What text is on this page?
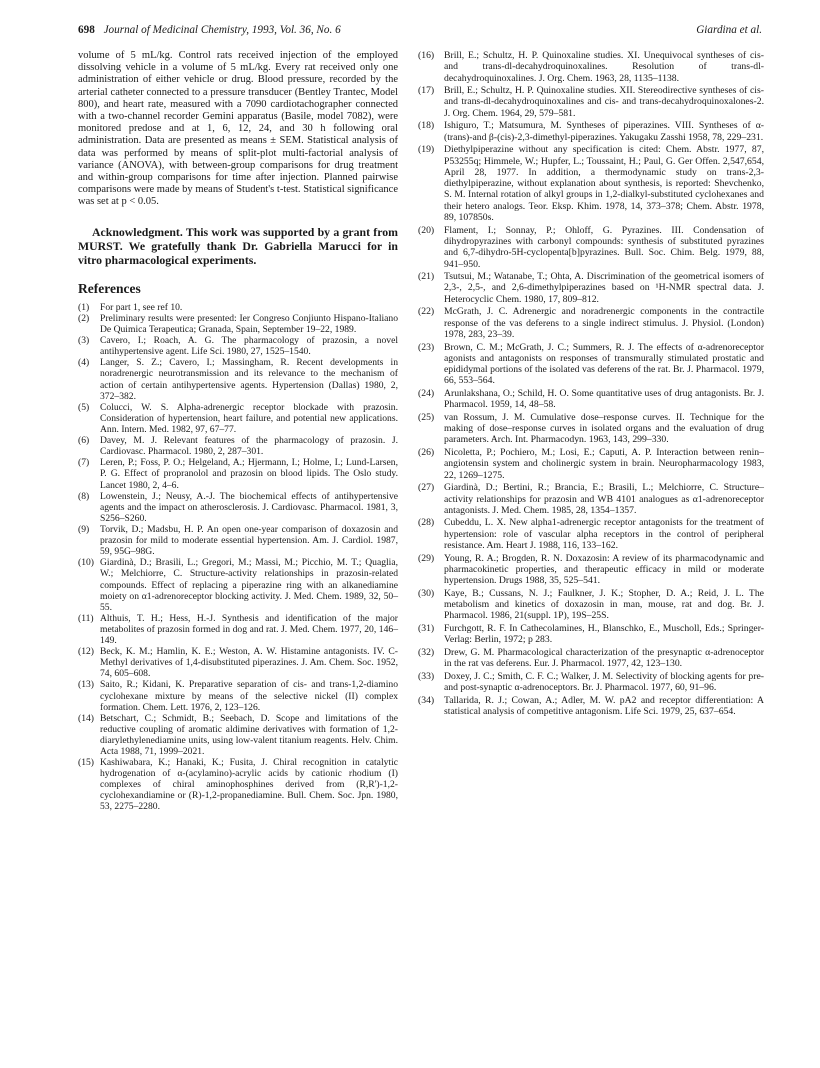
698 Journal of Medicinal Chemistry, 1993, Vol. 36, No. 6	Giardina et al.

volume of 5 mL/kg. Control rats received injection of the employed dissolving vehicle in a volume of 5 mL/kg. Every rat received only one administration of either vehicle or drug. Blood pressure, recorded by the arterial catheter connected to a pressure transducer (Bentley Trantec, Model 800), and heart rate, measured with a 7090 cardiotachographer connected with a two-channel recorder Gemini apparatus (Basile, model 7082), were monitored predose and at 1, 6, 12, 24, and 30 h following oral administration. Data are presented as means ± SEM. Statistical analysis of data was performed by means of split-plot multi-factorial analysis of variance (ANOVA), with between-group comparisons for drug treatment and within-group comparisons for time after injection. Planned pairwise comparisons were made by means of Student's t-test. Statistical significance was set at p < 0.05.

Acknowledgment. This work was supported by a grant from MURST. We gratefully thank Dr. Gabriella Marucci for in vitro pharmacological experiments.

References
(1)	For part 1, see ref 10.
(2)	Preliminary results were presented: Ier Congreso Conjiunto Hispano-Italiano De Quimica Terapeutica; Granada, Spain, September 19–22, 1989.
(3)	Cavero, I.; Roach, A. G. The pharmacology of prazosin, a novel antihypertensive agent. Life Sci. 1980, 27, 1525–1540.
(4)	Langer, S. Z.; Cavero, I.; Massingham, R. Recent developments in noradrenergic neurotransmission and its relevance to the mechanism of action of certain antihypertensive agents. Hypertension (Dallas) 1980, 2, 372–382.
(5)	Colucci, W. S. Alpha-adrenergic receptor blockade with prazosin. Consideration of hypertension, heart failure, and potential new applications. Ann. Intern. Med. 1982, 97, 67–77.
(6)	Davey, M. J. Relevant features of the pharmacology of prazosin. J. Cardiovasc. Pharmacol. 1980, 2, 287–301.
(7)	Leren, P.; Foss, P. O.; Helgeland, A.; Hjermann, I.; Holme, I.; Lund-Larsen, P. G. Effect of propranolol and prazosin on blood lipids. The Oslo study. Lancet 1980, 2, 4–6.
(8)	Lowenstein, J.; Neusy, A.-J. The biochemical effects of antihypertensive agents and the impact on atherosclerosis. J. Cardiovasc. Pharmacol. 1981, 3, S256–S260.
(9)	Torvik, D.; Madsbu, H. P. An open one-year comparison of doxazosin and prazosin for mild to moderate essential hypertension. Am. J. Cardiol. 1987, 59, 95G–98G.
(10) Giardinà, D.; Brasili, L.; Gregori, M.; Massi, M.; Picchio, M. T.; Quaglia, W.; Melchiorre, C. Structure-activity relationships in prazosin-related compounds. Effect of replacing a piperazine ring with an alkanediamine moiety on α1-adrenoreceptor blocking activity. J. Med. Chem. 1989, 32, 50–55.
(11) Althuis, T. H.; Hess, H.-J. Synthesis and identification of the major metabolites of prazosin formed in dog and rat. J. Med. Chem. 1977, 20, 146–149.
(12) Beck, K. M.; Hamlin, K. E.; Weston, A. W. Histamine antagonists. IV. C-Methyl derivatives of 1,4-disubstituted piperazines. J. Am. Chem. Soc. 1952, 74, 605–608.
(13) Saito, R.; Kidani, K. Preparative separation of cis- and trans-1,2-diamino cyclohexane mixture by means of the selective nickel (II) complex formation. Chem. Lett. 1976, 2, 123–126.
(14) Betschart, C.; Schmidt, B.; Seebach, D. Scope and limitations of the reductive coupling of aromatic aldimine derivatives with formation of 1,2-diarylethylenediamine units, using low-valent titanium reagents. Helv. Chim. Acta 1988, 71, 1999–2021.
(15) Kashiwabara, K.; Hanaki, K.; Fusita, J. Chiral recognition in catalytic hydrogenation of α-(acylamino)-acrylic acids by cationic rhodium (I) complexes of chiral aminophosphines derived from (R,R')-1,2-cyclohexandiamine or (R)-1,2-propanediamine. Bull. Chem. Soc. Jpn. 1980, 53, 2275–2280.
(16)	Brill, E.; Schultz, H. P. Quinoxaline studies. XI. Unequivocal syntheses of cis- and trans-dl-decahydroquinoxalines. Resolution of trans-dl-decahydroquinoxalines. J. Org. Chem. 1963, 28, 1135–1138.
(17)	Brill, E.; Schultz, H. P. Quinoxaline studies. XII. Stereodirective syntheses of cis- and trans-dl-decahydroquinoxalines and cis- and trans-decahydroquinoxalones-2. J. Org. Chem. 1964, 29, 579–581.
(18)	Ishiguro, T.; Matsumura, M. Syntheses of piperazines. VIII. Syntheses of α-(trans)-and β-(cis)-2,3-dimethyl-piperazines. Yakugaku Zasshi 1958, 78, 229–231.
(19)	Diethylpiperazine without any specification is cited: Chem. Abstr. 1977, 87, P53255q; Himmele, W.; Hupfer, L.; Toussaint, H.; Paul, G. Ger Offen. 2,547,654, April 28, 1977. In addition, a thermodynamic study on trans-2,3-diethylpiperazine, without explanation about synthesis, is reported: Shevchenko, S. M. Internal rotation of alkyl groups in 1,2-dialkyl-substituted cyclohexanes and their hetero analogs. Teor. Eksp. Khim. 1978, 14, 373–378; Chem. Abstr. 1978, 89, 107850s.
(20)	Flament, I.; Sonnay, P.; Ohloff, G. Pyrazines. III. Condensation of dihydropyrazines with carbonyl compounds: synthesis of substituted pyrazines and 6,7-dihydro-5H-cyclopenta[b]pyrazines. Bull. Soc. Chim. Belg. 1979, 88, 941–950.
(21)	Tsutsui, M.; Watanabe, T.; Ohta, A. Discrimination of the geometrical isomers of 2,3-, 2,5-, and 2,6-dimethylpiperazines based on ¹H-NMR spectral data. J. Heterocyclic Chem. 1980, 17, 809–812.
(22)	McGrath, J. C. Adrenergic and noradrenergic components in the contractile response of the vas deferens to a single indirect stimulus. J. Physiol. (London) 1978, 283, 23–39.
(23)	Brown, C. M.; McGrath, J. C.; Summers, R. J. The effects of α-adrenoreceptor agonists and antagonists on responses of transmurally stimulated prostatic and epididymal portions of the isolated vas deferens of the rat. Br. J. Pharmacol. 1979, 66, 553–564.
(24)	Arunlakshana, O.; Schild, H. O. Some quantitative uses of drug antagonists. Br. J. Pharmacol. 1959, 14, 48–58.
(25)	van Rossum, J. M. Cumulative dose–response curves. II. Technique for the making of dose–response curves in isolated organs and the evaluation of drug parameters. Arch. Int. Pharmacodyn. 1963, 143, 299–330.
(26)	Nicoletta, P.; Pochiero, M.; Losi, E.; Caputi, A. P. Interaction between renin–angiotensin system and cholinergic system in brain. Neuropharmacology 1983, 22, 1269–1275.
(27)	Giardinà, D.; Bertini, R.; Brancia, E.; Brasili, L.; Melchiorre, C. Structure–activity relationships for prazosin and WB 4101 analogues as α1-adrenoreceptor antagonists. J. Med. Chem. 1985, 28, 1354–1357.
(28)	Cubeddu, L. X. New alpha1-adrenergic receptor antagonists for the treatment of hypertension: role of vascular alpha receptors in the control of peripheral resistance. Am. Heart J. 1988, 116, 133–162.
(29)	Young, R. A.; Brogden, R. N. Doxazosin: A review of its pharmacodynamic and pharmacokinetic properties, and therapeutic efficacy in mild or moderate hypertension. Drugs 1988, 35, 525–541.
(30)	Kaye, B.; Cussans, N. J.; Faulkner, J. K.; Stopher, D. A.; Reid, J. L. The metabolism and kinetics of doxazosin in man, mouse, rat and dog. Br. J. Pharmacol. 1986, 21(suppl. 1P), 19S–25S.
(31)	Furchgott, R. F. In Cathecolamines, H., Blanschko, E., Muscholl, Eds.; Springer-Verlag: Berlin, 1972; p 283.
(32)	Drew, G. M. Pharmacological characterization of the presynaptic α-adrenoceptor in the rat vas deferens. Eur. J. Pharmacol. 1977, 42, 123–130.
(33)	Doxey, J. C.; Smith, C. F. C.; Walker, J. M. Selectivity of blocking agents for pre- and post-synaptic α-adrenoceptors. Br. J. Pharmacol. 1977, 60, 91–96.
(34)	Tallarida, R. J.; Cowan, A.; Adler, M. W. pA2 and receptor differentiation: A statistical analysis of competitive antagonism. Life Sci. 1979, 25, 637–654.
